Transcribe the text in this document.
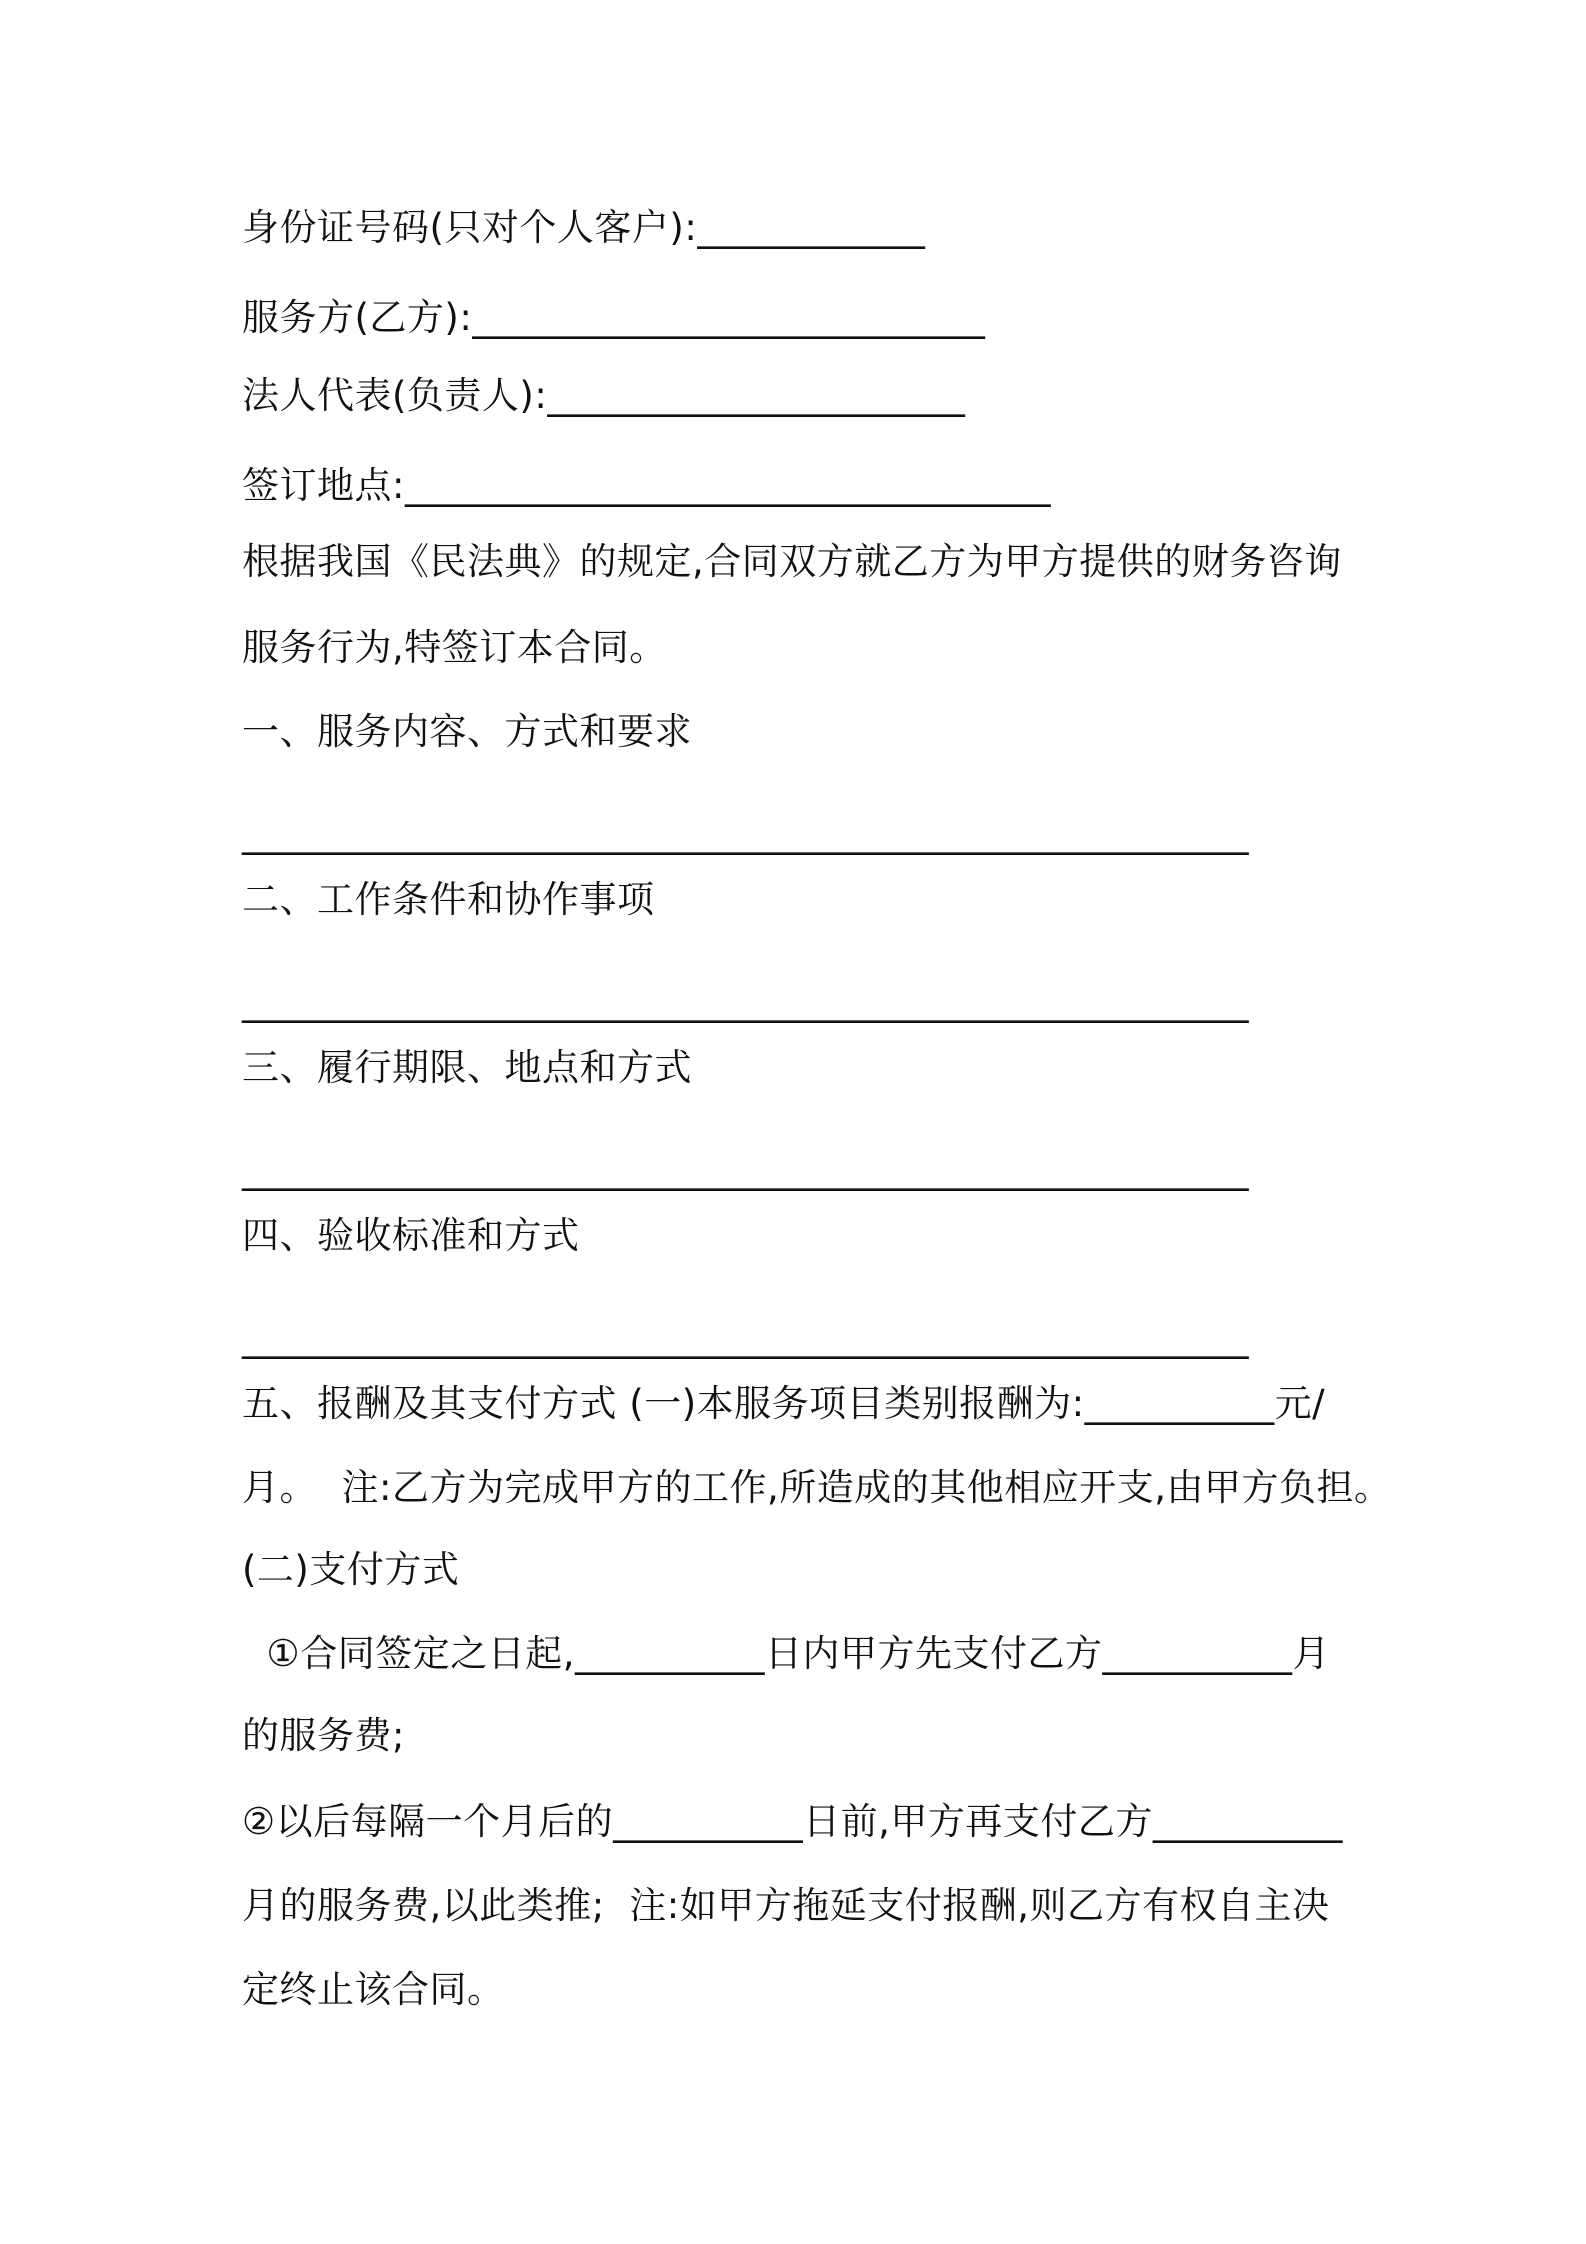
身份证号码(只对个人客户):____________
服务方(乙方):___________________________
法人代表(负责人):______________________
签订地点:__________________________________
根据我国《民法典》的规定,合同双方就乙方为甲方提供的财务咨询
服务行为,特签订本合同。
一、服务内容、方式和要求
_____________________________________________________
二、工作条件和协作事项
_____________________________________________________
三、履行期限、地点和方式
_____________________________________________________
四、验收标准和方式
_____________________________________________________
五、报酬及其支付方式 (一)本服务项目类别报酬为:__________元/
月。  注:乙方为完成甲方的工作,所造成的其他相应开支,由甲方负担。
(二)支付方式
①合同签定之日起,__________日内甲方先支付乙方__________月
的服务费;
②以后每隔一个月后的__________日前,甲方再支付乙方__________
月的服务费,以此类推;  注:如甲方拖延支付报酬,则乙方有权自主决
定终止该合同。
